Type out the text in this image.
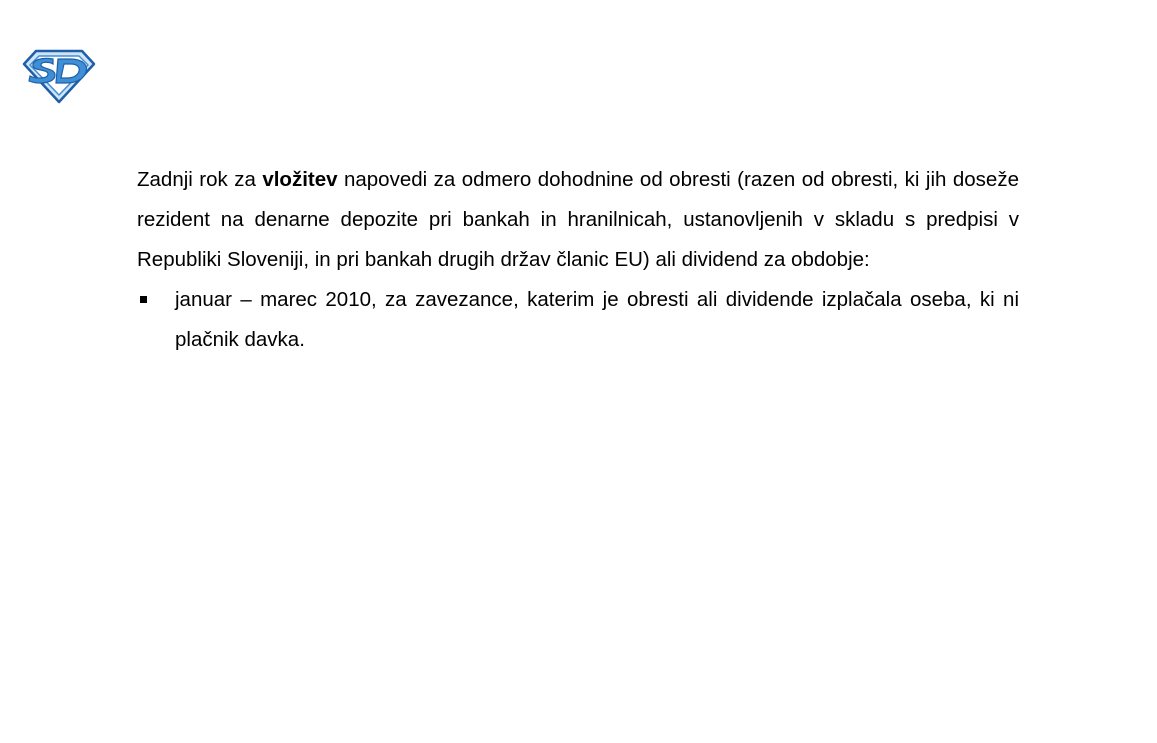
Zadnji rok za vložitev napovedi za odmero dohodnine od obresti (razen od obresti, ki jih doseže rezident na denarne depozite pri bankah in hranilnicah, ustanovljenih v skladu s predpisi v Republiki Sloveniji, in pri bankah drugih držav članic EU) ali dividend za obdobje:

januar – marec 2010, za zavezance, katerim je obresti ali dividende izplačala oseba, ki ni plačnik davka.
